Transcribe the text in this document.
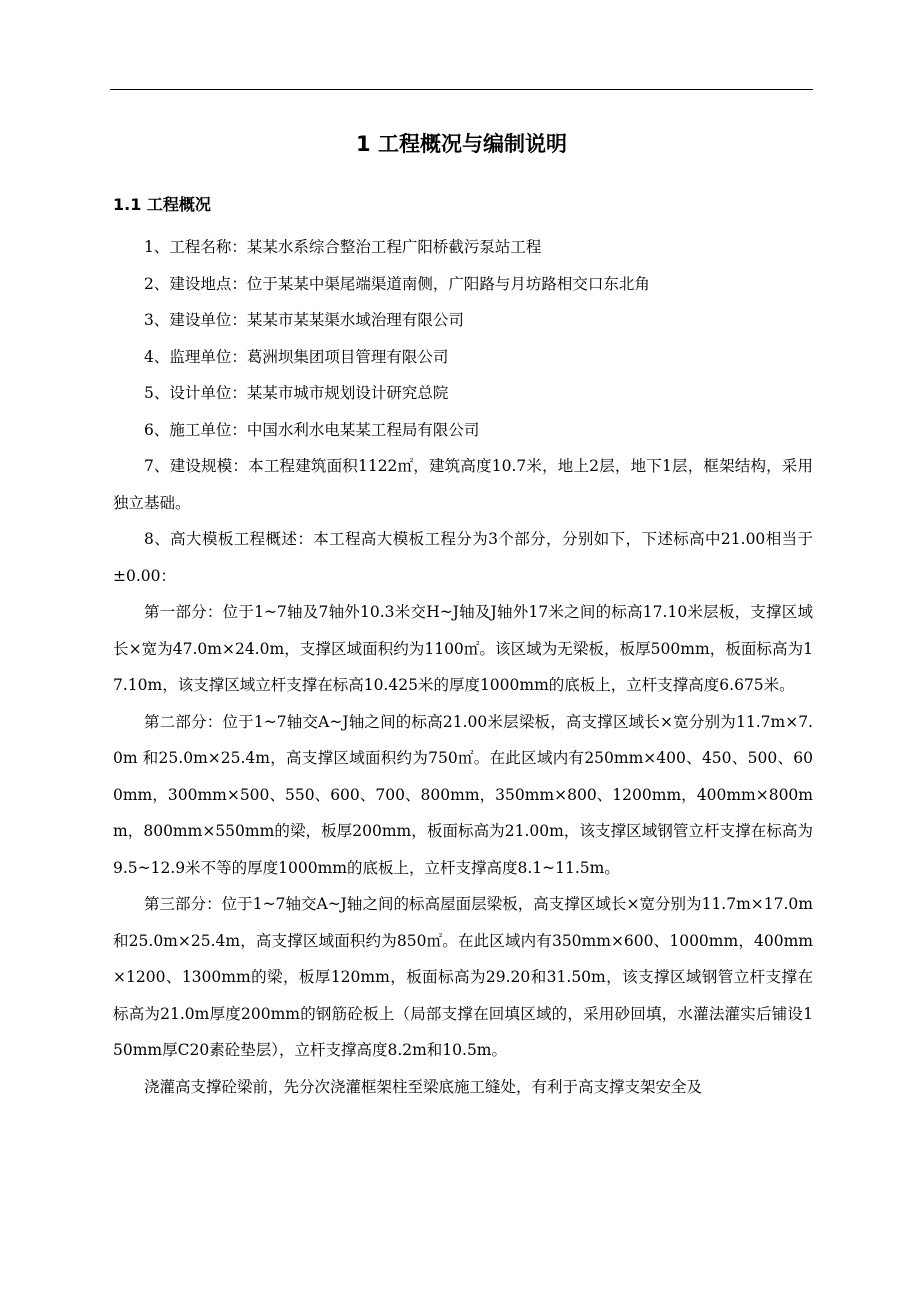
1 工程概况与编制说明
1.1 工程概况

1、工程名称：某某水系综合整治工程广阳桥截污泵站工程

2、建设地点：位于某某中渠尾端渠道南侧，广阳路与月坊路相交口东北角

3、建设单位：某某市某某渠水域治理有限公司

4、监理单位：葛洲坝集团项目管理有限公司

5、设计单位：某某市城市规划设计研究总院

6、施工单位：中国水利水电某某工程局有限公司

7、建设规模：本工程建筑面积1122㎡，建筑高度10.7米，地上2层，地下1层，框架结构，采用独立基础。

8、高大模板工程概述：本工程高大模板工程分为3个部分，分别如下，下述标高中21.00相当于±0.00：

第一部分：位于1~7轴及7轴外10.3米交H~J轴及J轴外17米之间的标高17.10米层板，支撑区域长×宽为47.0m×24.0m，支撑区域面积约为1100㎡。该区域为无梁板，板厚500mm，板面标高为17.10m，该支撑区域立杆支撑在标高10.425米的厚度1000mm的底板上，立杆支撑高度6.675米。

第二部分：位于1~7轴交A~J轴之间的标高21.00米层梁板，高支撑区域长×宽分别为11.7m×7.0m 和25.0m×25.4m，高支撑区域面积约为750㎡。在此区域内有250mm×400、450、500、600mm，300mm×500、550、600、700、800mm，350mm×800、1200mm，400mm×800mm，800mm×550mm的梁，板厚200mm，板面标高为21.00m，该支撑区域钢管立杆支撑在标高为9.5~12.9米不等的厚度1000mm的底板上，立杆支撑高度8.1~11.5m。

第三部分：位于1~7轴交A~J轴之间的标高屋面层梁板，高支撑区域长×宽分别为11.7m×17.0m 和25.0m×25.4m，高支撑区域面积约为850㎡。在此区域内有350mm×600、1000mm，400mm×1200、1300mm的梁，板厚120mm，板面标高为29.20和31.50m，该支撑区域钢管立杆支撑在标高为21.0m厚度200mm的钢筋砼板上（局部支撑在回填区域的，采用砂回填，水灌法灌实后铺设150mm厚C20素砼垫层），立杆支撑高度8.2m和10.5m。

浇灌高支撑砼梁前，先分次浇灌框架柱至梁底施工缝处，有利于高支撑支架安全及
